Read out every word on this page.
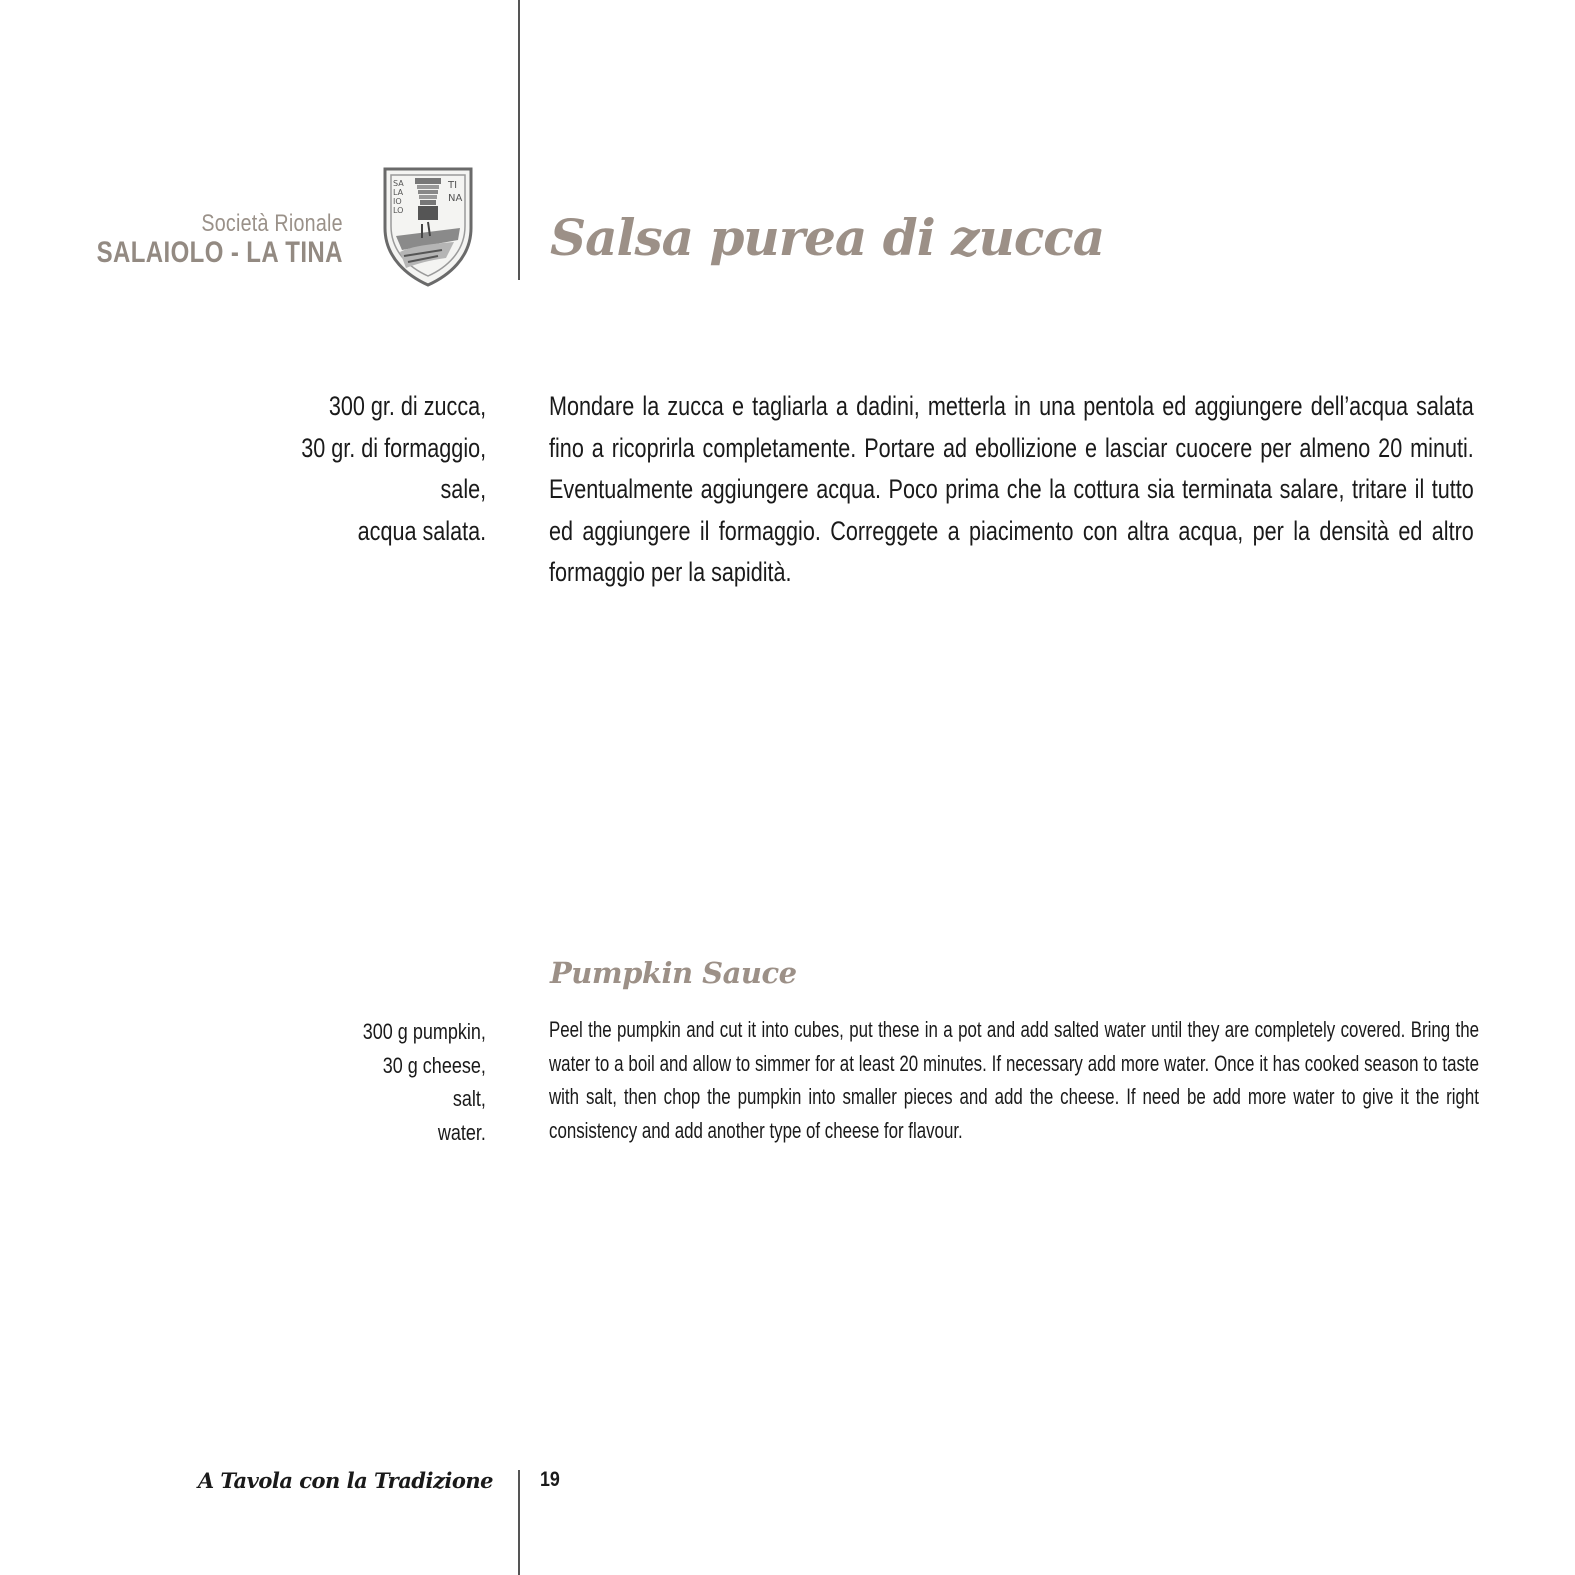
Società Rionale
SALAIOLO - LA TINA
SA
LA
IO
LO
TI
NA
Salsa purea di zucca
300 gr. di zucca,
30 gr. di formaggio,
sale,
acqua salata.
Mondare la zucca e tagliarla a dadini, metterla in una pentola ed aggiungere dell’acqua salata fino a ricoprirla completamente. Portare ad ebollizione e lasciar cuocere per almeno 20 minuti. Eventualmente aggiungere acqua. Poco prima che la cottura sia terminata salare, tritare il tutto ed aggiungere il formaggio. Correggete a piacimento con altra acqua, per la densità ed altro formaggio per la sapidità.
Pumpkin Sauce
300 g pumpkin,
30 g cheese,
salt,
water.
Peel the pumpkin and cut it into cubes, put these in a pot and add salted water until they are completely covered. Bring the water to a boil and allow to simmer for at least 20 minutes. If necessary add more water. Once it has cooked season to taste with salt, then chop the pumpkin into smaller pieces and add the cheese. If need be add more water to give it the right consistency and add another type of cheese for flavour.
A Tavola con la Tradizione 19
